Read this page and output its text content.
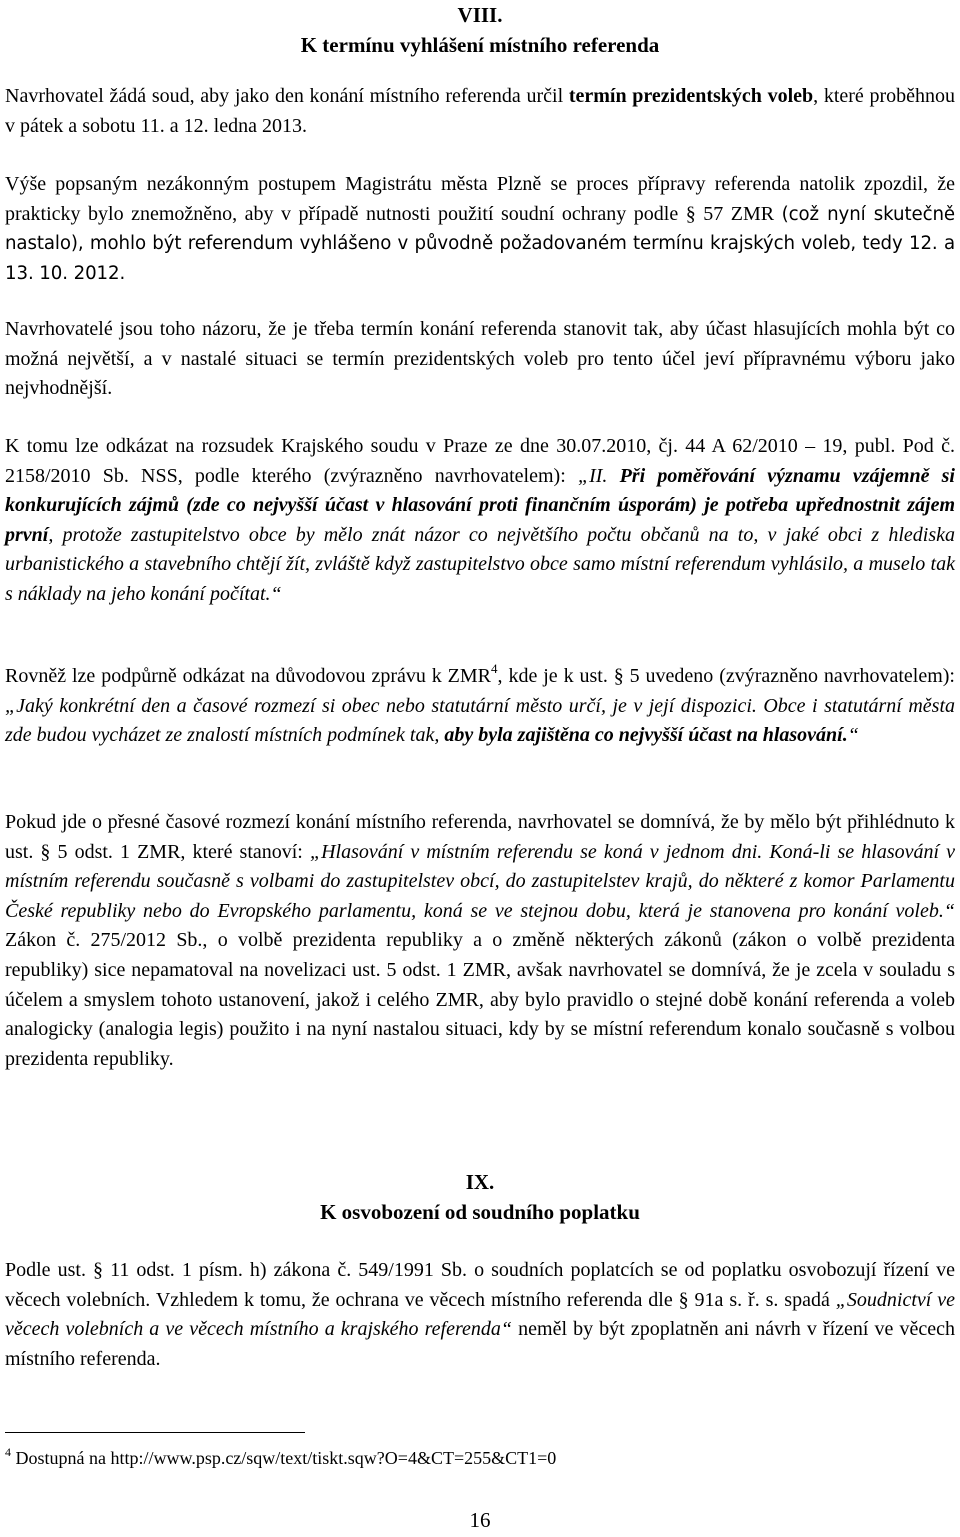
VIII.
K termínu vyhlášení místního referenda

Navrhovatel žádá soud, aby jako den konání místního referenda určil termín prezidentských voleb, které proběhnou v pátek a sobotu 11. a 12. ledna 2013.

Výše popsaným nezákonným postupem Magistrátu města Plzně se proces přípravy referenda natolik zpozdil, že prakticky bylo znemožněno, aby v případě nutnosti použití soudní ochrany podle § 57 ZMR (což nyní skutečně nastalo), mohlo být referendum vyhlášeno v původně požadovaném termínu krajských voleb, tedy 12. a 13. 10. 2012.

Navrhovatelé jsou toho názoru, že je třeba termín konání referenda stanovit tak, aby účast hlasujících mohla být co možná největší, a v nastalé situaci se termín prezidentských voleb pro tento účel jeví přípravnému výboru jako nejvhodnější.

K tomu lze odkázat na rozsudek Krajského soudu v Praze ze dne 30.07.2010, čj. 44 A 62/2010 – 19, publ. Pod č. 2158/2010 Sb. NSS, podle kterého (zvýrazněno navrhovatelem): „II. Při poměřování významu vzájemně si konkurujících zájmů (zde co nejvyšší účast v hlasování proti finančním úsporám) je potřeba upřednostnit zájem první, protože zastupitelstvo obce by mělo znát názor co největšího počtu občanů na to, v jaké obci z hlediska urbanistického a stavebního chtějí žít, zvláště když zastupitelstvo obce samo místní referendum vyhlásilo, a muselo tak s náklady na jeho konání počítat.“

Rovněž lze podpůrně odkázat na důvodovou zprávu k ZMR$^4$, kde je k ust. § 5 uvedeno (zvýrazněno navrhovatelem): „Jaký konkrétní den a časové rozmezí si obec nebo statutární město určí, je v její dispozici. Obce i statutární města zde budou vycházet ze znalostí místních podmínek tak, aby byla zajištěna co nejvyšší účast na hlasování.“

Pokud jde o přesné časové rozmezí konání místního referenda, navrhovatel se domnívá, že by mělo být přihlédnuto k ust. § 5 odst. 1 ZMR, které stanoví: „Hlasování v místním referendu se koná v jednom dni. Koná-li se hlasování v místním referendu současně s volbami do zastupitelstev obcí, do zastupitelstev krajů, do některé z komor Parlamentu České republiky nebo do Evropského parlamentu, koná se ve stejnou dobu, která je stanovena pro konání voleb.“ Zákon č. 275/2012 Sb., o volbě prezidenta republiky a o změně některých zákonů (zákon o volbě prezidenta republiky) sice nepamatoval na novelizaci ust. 5 odst. 1 ZMR, avšak navrhovatel se domnívá, že je zcela v souladu s účelem a smyslem tohoto ustanovení, jakož i celého ZMR, aby bylo pravidlo o stejné době konání referenda a voleb analogicky (analogia legis) použito i na nyní nastalou situaci, kdy by se místní referendum konalo současně s volbou prezidenta republiky.

IX.
K osvobození od soudního poplatku

Podle ust. § 11 odst. 1 písm. h) zákona č. 549/1991 Sb. o soudních poplatcích se od poplatku osvobozují řízení ve věcech volebních. Vzhledem k tomu, že ochrana ve věcech místního referenda dle § 91a s. ř. s. spadá „Soudnictví ve věcech volebních a ve věcech místního a krajského referenda“ neměl by být zpoplatněn ani návrh v řízení ve věcech místního referenda.

$^4$ Dostupná na http://www.psp.cz/sqw/text/tiskt.sqw?O=4&CT=255&CT1=0
16
